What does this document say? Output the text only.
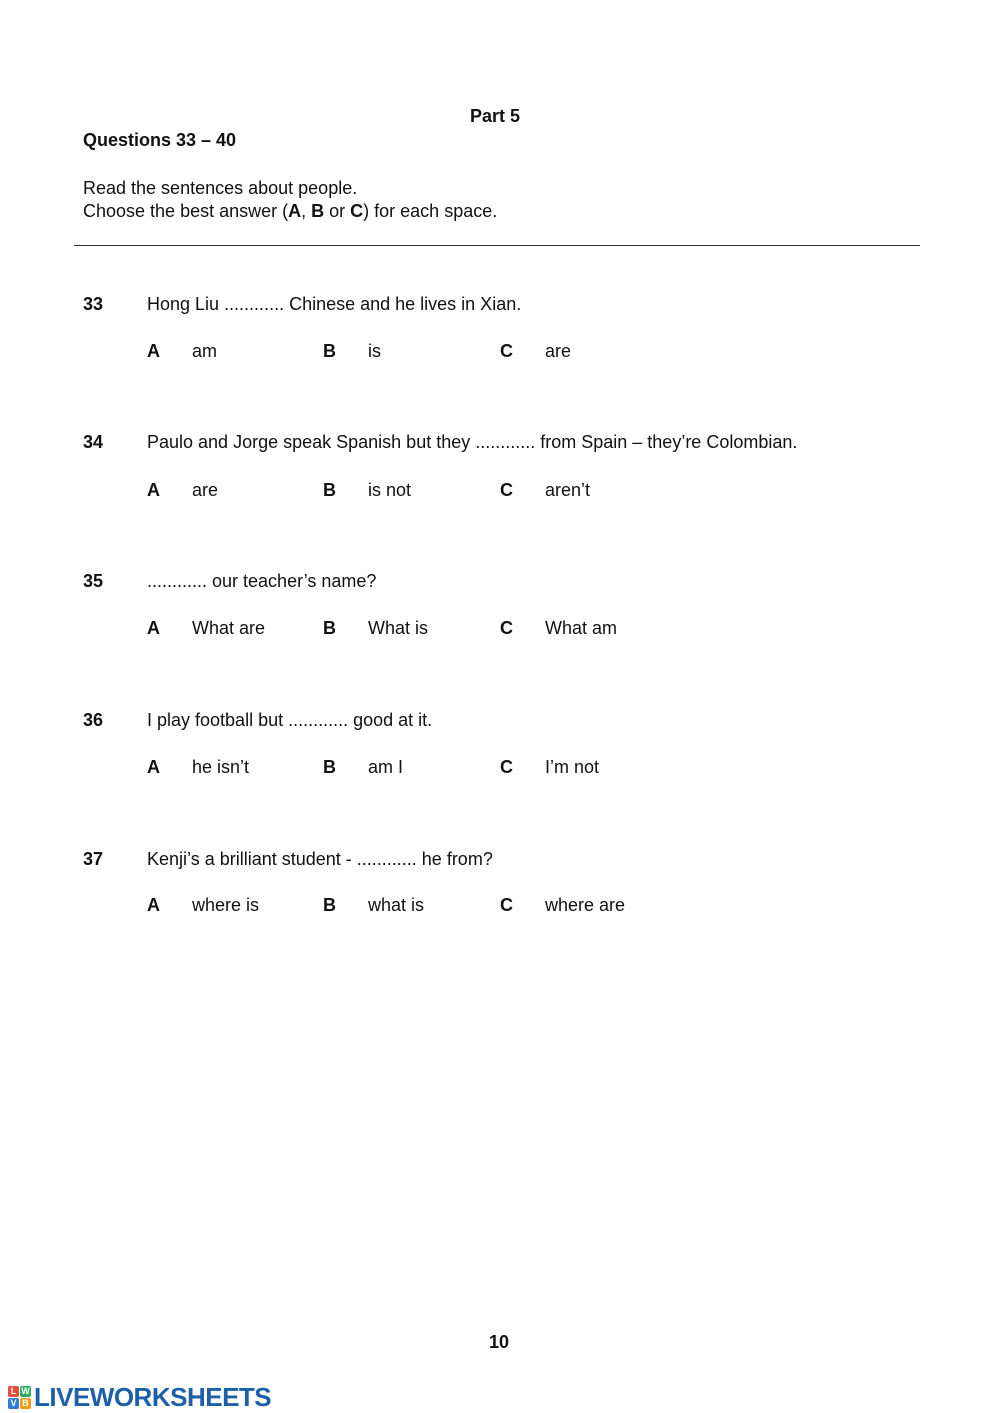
Part 5
Questions 33 – 40
Read the sentences about people.
Choose the best answer (A, B or C) for each space.
33 Hong Liu ............ Chinese and he lives in Xian.
A am	B is	C are
34 Paulo and Jorge speak Spanish but they ............ from Spain – they’re Colombian.
A are	B is not	C aren’t
35 ............ our teacher’s name?
A What are	B What is	C What am
36 I play football but ............ good at it.
A he isn’t	B am I	C I’m not
37 Kenji’s a brilliant student - ............ he from?
A where is	B what is	C where are
10
L W
V B LIVEWORKSHEETS
